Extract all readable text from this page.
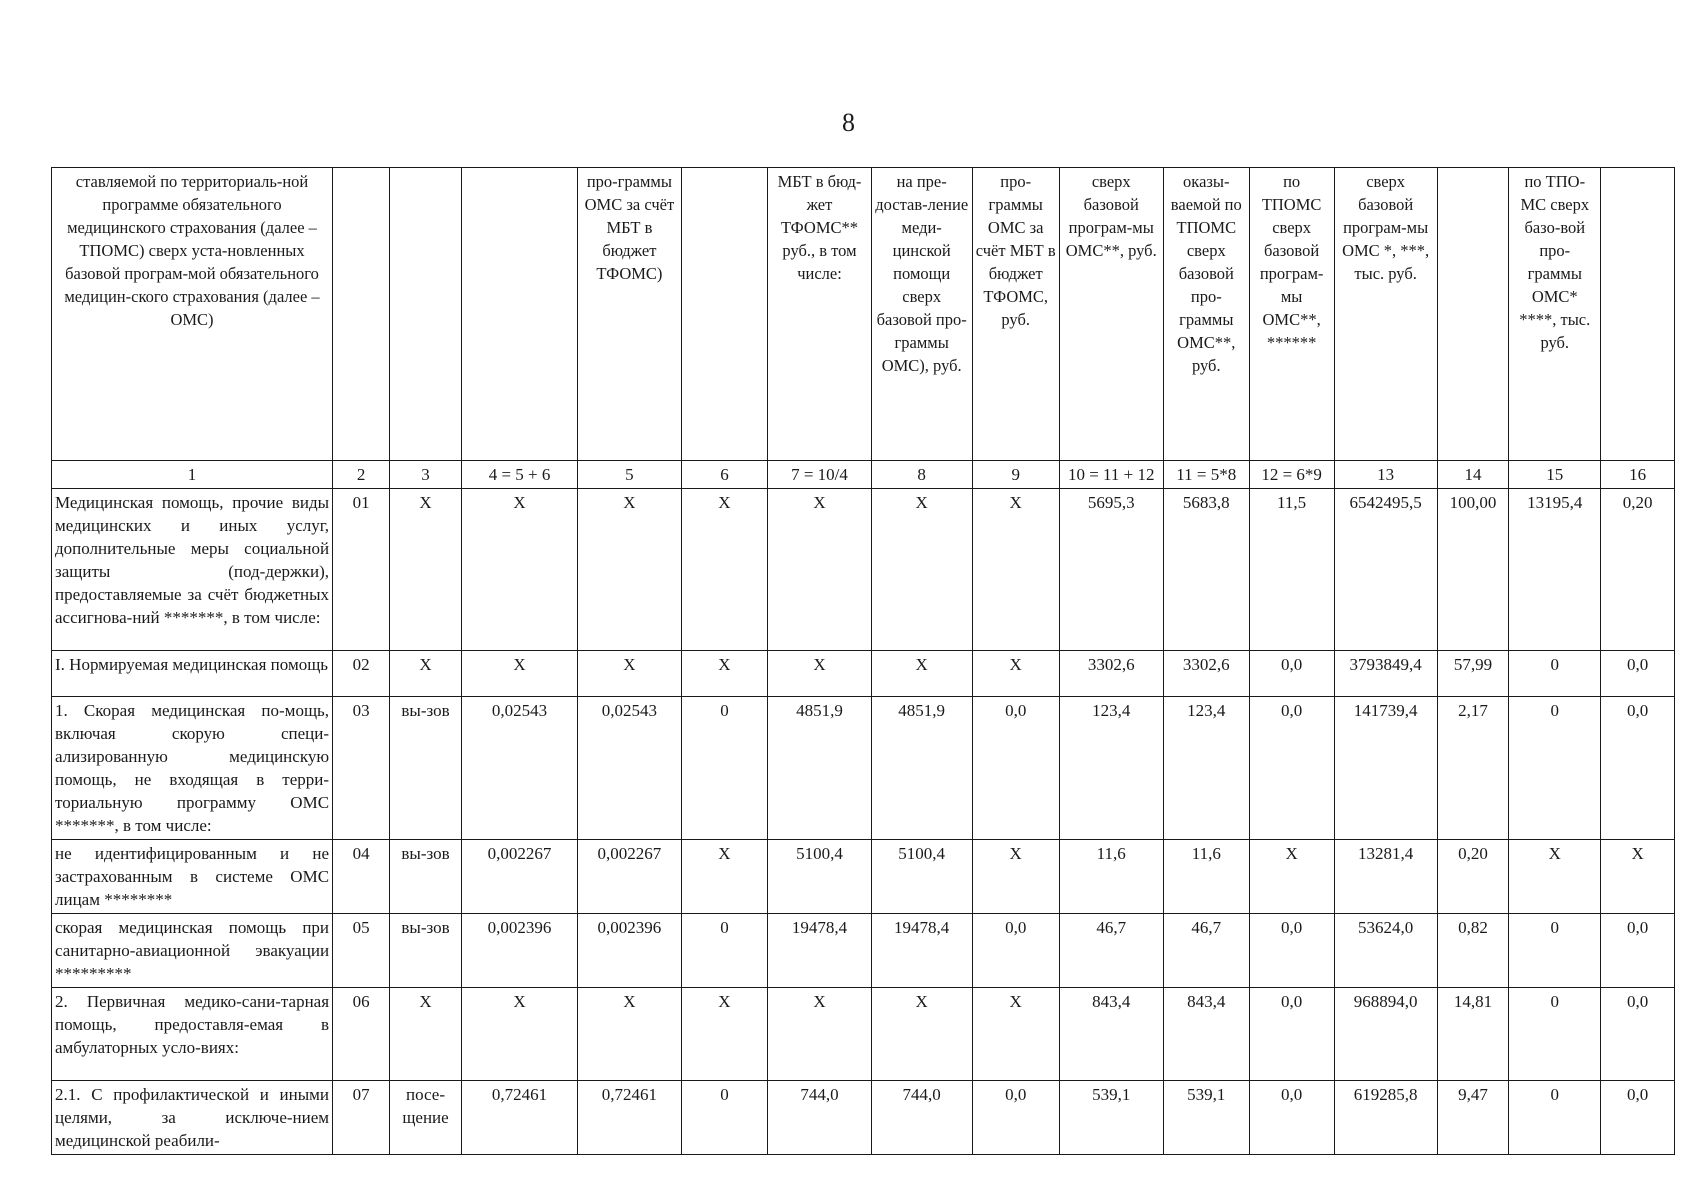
8
ставляемой по территориаль-ной программе обязательного медицинского страхования (далее – ТПОМС) сверх уста-новленных базовой програм-мой обязательного медицин-ского страхования (далее – ОМС)				про-граммы ОМС за счёт МБТ в бюджет ТФОМС)		МБТ в бюд-жет ТФОМС** руб., в том числе:	на пре-достав-ление меди-цинской помощи сверх базовой про-граммы ОМС), руб.	про-граммы ОМС за счёт МБТ в бюджет ТФОМС, руб.	сверх базовой програм-мы ОМС**, руб.	оказы-ваемой по ТПОМС сверх базовой про-граммы ОМС**, руб.	по ТПОМС сверх базовой програм-мы ОМС**, ******	сверх базовой програм-мы ОМС *, ***, тыс. руб.		по ТПО-МС сверх базо-вой про-граммы ОМС* ****, тыс. руб.	
1	2	3	4 = 5 + 6	5	6	7 = 10/4	8	9	10 = 11 + 12	11 = 5*8	12 = 6*9	13	14	15	16
Медицинская помощь, прочие виды медицинских и иных услуг, дополнительные меры социальной защиты (под-держки), предоставляемые за счёт бюджетных ассигнова-ний *******, в том числе:	01	X	X	X	X	X	X	X	5695,3	5683,8	11,5	6542495,5	100,00	13195,4	0,20
I. Нормируемая медицинская помощь	02	X	X	X	X	X	X	X	3302,6	3302,6	0,0	3793849,4	57,99	0	0,0
1. Скорая медицинская по-мощь, включая скорую специ-ализированную медицинскую помощь, не входящая в терри-ториальную программу ОМС *******, в том числе:	03	вы-зов	0,02543	0,02543	0	4851,9	4851,9	0,0	123,4	123,4	0,0	141739,4	2,17	0	0,0
не идентифицированным и не застрахованным в системе ОМС лицам ********	04	вы-зов	0,002267	0,002267	X	5100,4	5100,4	X	11,6	11,6	X	13281,4	0,20	X	X
скорая медицинская помощь при санитарно-авиационной эвакуации *********	05	вы-зов	0,002396	0,002396	0	19478,4	19478,4	0,0	46,7	46,7	0,0	53624,0	0,82	0	0,0
2. Первичная медико-сани-тарная помощь, предоставля-емая в амбулаторных усло-виях:	06	X	X	X	X	X	X	X	843,4	843,4	0,0	968894,0	14,81	0	0,0
2.1. С профилактической и иными целями, за исключе-нием медицинской реабили-	07	посе-щение	0,72461	0,72461	0	744,0	744,0	0,0	539,1	539,1	0,0	619285,8	9,47	0	0,0
